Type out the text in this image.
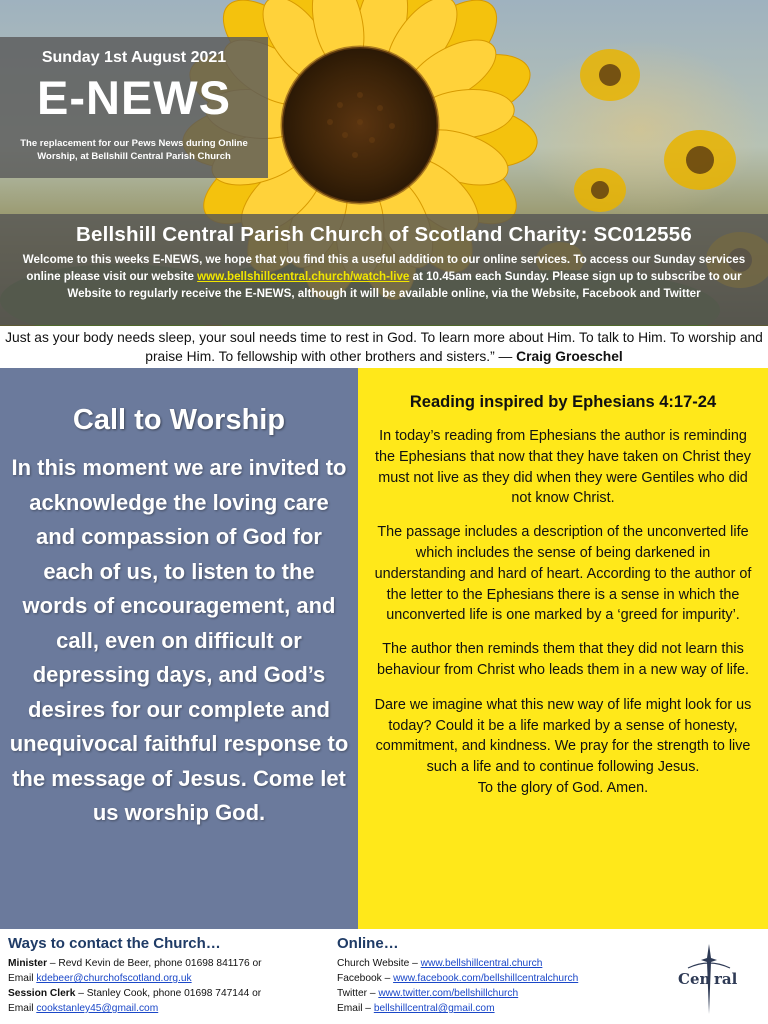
Sunday 1st August 2021
E-NEWS
The replacement for our Pews News during Online Worship, at Bellshill Central Parish Church
Bellshill Central Parish Church of Scotland Charity: SC012556
Welcome to this weeks E-NEWS, we hope that you find this a useful addition to our online services. To access our Sunday services online please visit our website www.bellshillcentral.church/watch-live at 10.45am each Sunday. Please sign up to subscribe to our Website to regularly receive the E-NEWS, although it will be available online, via the Website, Facebook and Twitter
Just as your body needs sleep, your soul needs time to rest in God. To learn more about Him. To talk to Him. To worship and praise Him. To fellowship with other brothers and sisters.” — Craig Groeschel
Call to Worship
In this moment we are invited to acknowledge the loving care and compassion of God for each of us, to listen to the words of encouragement, and call, even on difficult or depressing days, and God’s desires for our complete and unequivocal faithful response to the message of Jesus. Come let us worship God.
Reading inspired by Ephesians 4:17-24

In today’s reading from Ephesians the author is reminding the Ephesians that now that they have taken on Christ they must not live as they did when they were Gentiles who did not know Christ.

The passage includes a description of the unconverted life which includes the sense of being darkened in understanding and hard of heart. According to the author of the letter to the Ephesians there is a sense in which the unconverted life is one marked by a ‘greed for impurity’.

The author then reminds them that they did not learn this behaviour from Christ who leads them in a new way of life.

Dare we imagine what this new way of life might look for us today? Could it be a life marked by a sense of honesty, commitment, and kindness. We pray for the strength to live such a life and to continue following Jesus.

To the glory of God. Amen.

Ways to contact the Church…
Minister – Revd Kevin de Beer, phone 01698 841176 or
Email kdebeer@churchofscotland.org.uk
Session Clerk – Stanley Cook, phone 01698 747144 or
Email cookstanley45@gmail.com
Online…
Church Website – www.bellshillcentral.church
Facebook – www.facebook.com/bellshillcentralchurch
Twitter – www.twitter.com/bellshillchurch
Email – bellshillcentral@gmail.com
Cen ral
